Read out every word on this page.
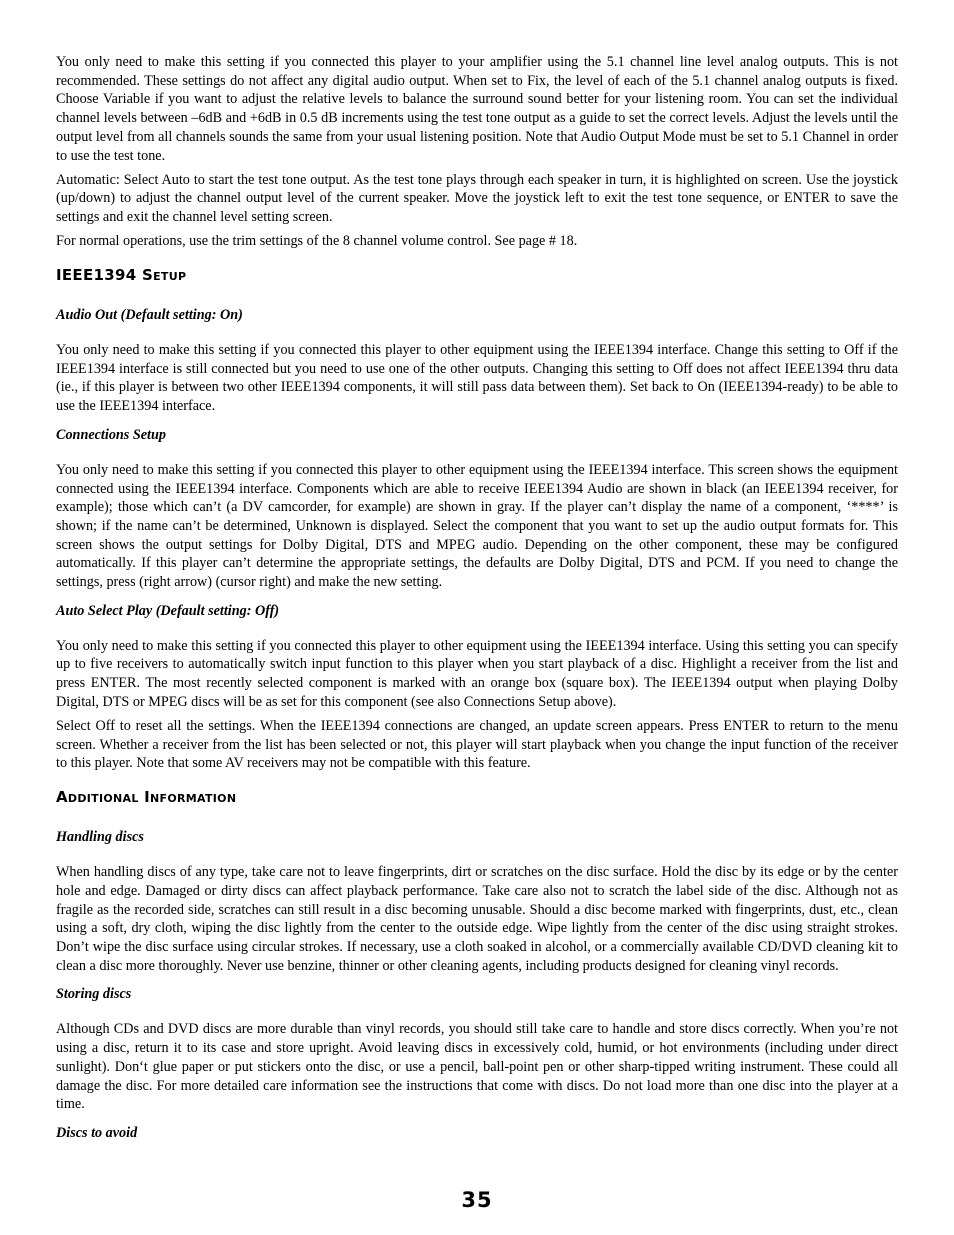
You only need to make this setting if you connected this player to your amplifier using the 5.1 channel line level analog outputs. This is not recommended. These settings do not affect any digital audio output. When set to Fix, the level of each of the 5.1 channel analog outputs is fixed. Choose Variable if you want to adjust the relative levels to balance the surround sound better for your listening room. You can set the individual channel levels between –6dB and +6dB in 0.5 dB increments using the test tone output as a guide to set the correct levels. Adjust the levels until the output level from all channels sounds the same from your usual listening position. Note that Audio Output Mode must be set to 5.1 Channel in order to use the test tone.

Automatic: Select Auto to start the test tone output. As the test tone plays through each speaker in turn, it is highlighted on screen. Use the joystick (up/down) to adjust the channel output level of the current speaker. Move the joystick left to exit the test tone sequence, or ENTER to save the settings and exit the channel level setting screen.

For normal operations, use the trim settings of the 8 channel volume control. See page # 18.

IEEE1394 Setup
Audio Out (Default setting: On)

You only need to make this setting if you connected this player to other equipment using the IEEE1394 interface. Change this setting to Off if the IEEE1394 interface is still connected but you need to use one of the other outputs. Changing this setting to Off does not affect IEEE1394 thru data (ie., if this player is between two other IEEE1394 components, it will still pass data between them). Set back to On (IEEE1394-ready) to be able to use the IEEE1394 interface.

Connections Setup

You only need to make this setting if you connected this player to other equipment using the IEEE1394 interface. This screen shows the equipment connected using the IEEE1394 interface. Components which are able to receive IEEE1394 Audio are shown in black (an IEEE1394 receiver, for example); those which can’t (a DV camcorder, for example) are shown in gray. If the player can’t display the name of a component, ‘****’ is shown; if the name can’t be determined, Unknown is displayed. Select the component that you want to set up the audio output formats for. This screen shows the output settings for Dolby Digital, DTS and MPEG audio. Depending on the other component, these may be configured automatically. If this player can’t determine the appropriate settings, the defaults are Dolby Digital, DTS and PCM. If you need to change the settings, press (right arrow) (cursor right) and make the new setting.

Auto Select Play (Default setting: Off)

You only need to make this setting if you connected this player to other equipment using the IEEE1394 interface. Using this setting you can specify up to five receivers to automatically switch input function to this player when you start playback of a disc. Highlight a receiver from the list and press ENTER. The most recently selected component is marked with an orange box (square box). The IEEE1394 output when playing Dolby Digital, DTS or MPEG discs will be as set for this component (see also Connections Setup above).

Select Off to reset all the settings. When the IEEE1394 connections are changed, an update screen appears. Press ENTER to return to the menu screen. Whether a receiver from the list has been selected or not, this player will start playback when you change the input function of the receiver to this player. Note that some AV receivers may not be compatible with this feature.

Additional Information
Handling discs

When handling discs of any type, take care not to leave fingerprints, dirt or scratches on the disc surface. Hold the disc by its edge or by the center hole and edge. Damaged or dirty discs can affect playback performance. Take care also not to scratch the label side of the disc. Although not as fragile as the recorded side, scratches can still result in a disc becoming unusable. Should a disc become marked with fingerprints, dust, etc., clean using a soft, dry cloth, wiping the disc lightly from the center to the outside edge. Wipe lightly from the center of the disc using straight strokes. Don’t wipe the disc surface using circular strokes. If necessary, use a cloth soaked in alcohol, or a commercially available CD/DVD cleaning kit to clean a disc more thoroughly. Never use benzine, thinner or other cleaning agents, including products designed for cleaning vinyl records.

Storing discs

Although CDs and DVD discs are more durable than vinyl records, you should still take care to handle and store discs correctly. When you’re not using a disc, return it to its case and store upright. Avoid leaving discs in excessively cold, humid, or hot environments (including under direct sunlight). Don‘t glue paper or put stickers onto the disc, or use a pencil, ball-point pen or other sharp-tipped writing instrument. These could all damage the disc. For more detailed care information see the instructions that come with discs. Do not load more than one disc into the player at a time.

Discs to avoid
35
